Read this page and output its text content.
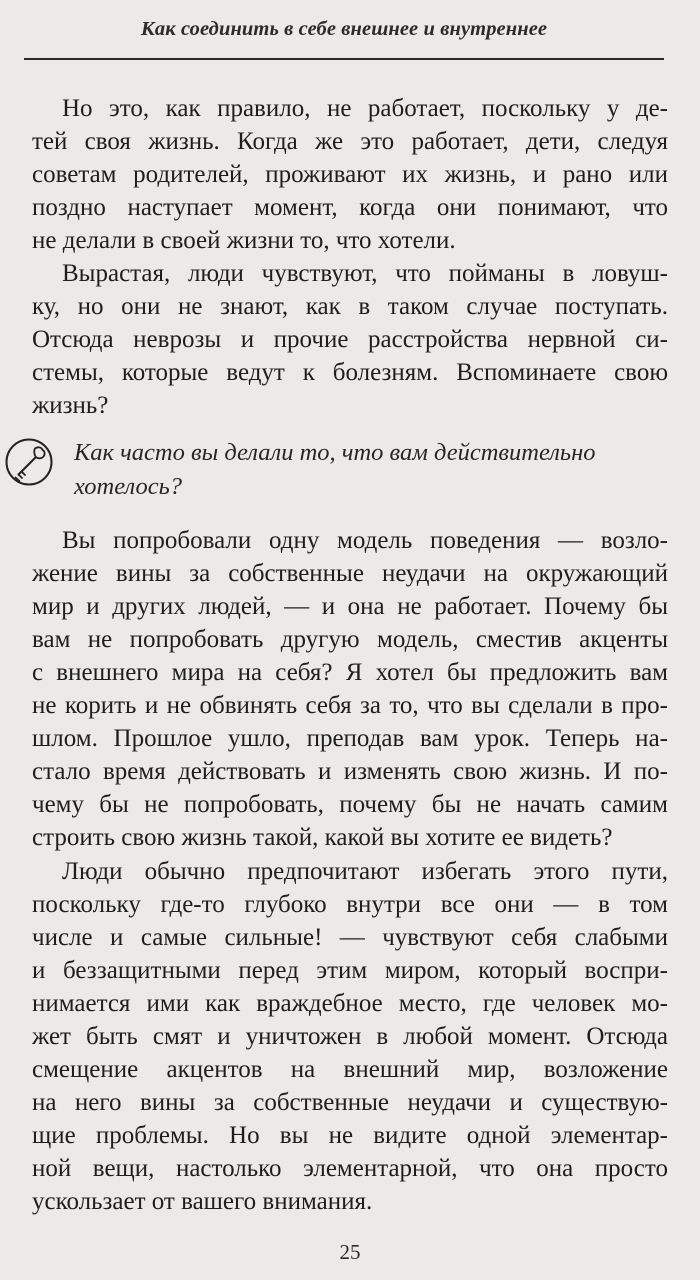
Как соединить в себе внешнее и внутреннее
Но это, как правило, не работает, поскольку у де-
тей своя жизнь. Когда же это работает, дети, следуя
советам родителей, проживают их жизнь, и рано или
поздно наступает момент, когда они понимают, что
не делали в своей жизни то, что хотели.
Вырастая, люди чувствуют, что пойманы в ловуш-
ку, но они не знают, как в таком случае поступать.
Отсюда неврозы и прочие расстройства нервной си-
стемы, которые ведут к болезням. Вспоминаете свою
жизнь?
Как часто вы делали то, что вам действительно
хотелось?
Вы попробовали одну модель поведения — возло-
жение вины за собственные неудачи на окружающий
мир и других людей, — и она не работает. Почему бы
вам не попробовать другую модель, сместив акценты
с внешнего мира на себя? Я хотел бы предложить вам
не корить и не обвинять себя за то, что вы сделали в про-
шлом. Прошлое ушло, преподав вам урок. Теперь на-
стало время действовать и изменять свою жизнь. И по-
чему бы не попробовать, почему бы не начать самим
строить свою жизнь такой, какой вы хотите ее видеть?
Люди обычно предпочитают избегать этого пути,
поскольку где-то глубоко внутри все они — в том
числе и самые сильные! — чувствуют себя слабыми
и беззащитными перед этим миром, который воспри-
нимается ими как враждебное место, где человек мо-
жет быть смят и уничтожен в любой момент. Отсюда
смещение акцентов на внешний мир, возложение
на него вины за собственные неудачи и существую-
щие проблемы. Но вы не видите одной элементар-
ной вещи, настолько элементарной, что она просто
ускользает от вашего внимания.
25
